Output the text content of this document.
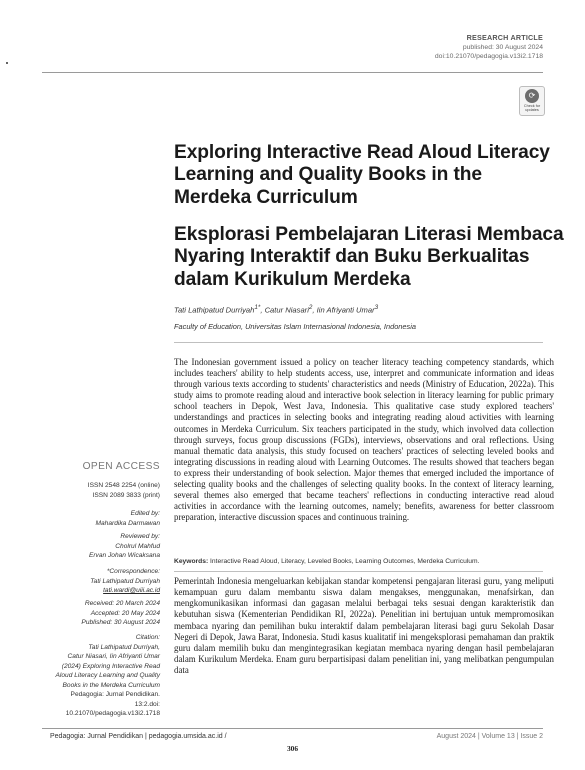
RESEARCH ARTICLE
published: 30 August 2024
doi:10.21070/pedagogia.v13i2.1718
⟳
Check for
updates
Exploring Interactive Read Aloud Literacy Learning and Quality Books in the Merdeka Curriculum
Eksplorasi Pembelajaran Literasi Membaca Nyaring Interaktif dan Buku Berkualitas dalam Kurikulum Merdeka
Tati Lathipatud Durriyah$^{1*}$, Catur Niasari$^2$, Iin Afriyanti Umar$^3$
Faculty of Education, Universitas Islam Internasional Indonesia, Indonesia
The Indonesian government issued a policy on teacher literacy teaching competency standards, which includes teachers' ability to help students access, use, interpret and communicate information and ideas through various texts according to students' characteristics and needs (Ministry of Education, 2022a). This study aims to promote reading aloud and interactive book selection in literacy learning for public primary school teachers in Depok, West Java, Indonesia. This qualitative case study explored teachers' understandings and practices in selecting books and integrating reading aloud activities with learning outcomes in Merdeka Curriculum. Six teachers participated in the study, which involved data collection through surveys, focus group discussions (FGDs), interviews, observations and oral reflections. Using manual thematic data analysis, this study focused on teachers' practices of selecting leveled books and integrating discussions in reading aloud with Learning Outcomes. The results showed that teachers began to express their understanding of book selection. Major themes that emerged included the importance of selecting quality books and the challenges of selecting quality books. In the context of literacy learning, several themes also emerged that became teachers' reflections in conducting interactive read aloud activities in accordance with the learning outcomes, namely; benefits, awareness for better classroom preparation, interactive discussion spaces and continuous training.
Keywords: Interactive Read Aloud, Literacy, Leveled Books, Learning Outcomes, Merdeka Curriculum.
Pemerintah Indonesia mengeluarkan kebijakan standar kompetensi pengajaran literasi guru, yang meliputi kemampuan guru dalam membantu siswa dalam mengakses, menggunakan, menafsirkan, dan mengkomunikasikan informasi dan gagasan melalui berbagai teks sesuai dengan karakteristik dan kebutuhan siswa (Kementerian Pendidikan RI, 2022a). Penelitian ini bertujuan untuk mempromosikan membaca nyaring dan pemilihan buku interaktif dalam pembelajaran literasi bagi guru Sekolah Dasar Negeri di Depok, Jawa Barat, Indonesia. Studi kasus kualitatif ini mengeksplorasi pemahaman dan praktik guru dalam memilih buku dan mengintegrasikan kegiatan membaca nyaring dengan hasil pembelajaran dalam Kurikulum Merdeka. Enam guru berpartisipasi dalam penelitian ini, yang melibatkan pengumpulan data
OPEN ACCESS
ISSN 2548 2254 (online)
ISSN 2089 3833 (print)
Edited by:
Mahardika Darmawan
Reviewed by:
Cholrul Mahfud
Ervan Johan Wicaksana
*Correspondence:
Tati Lathipatud Durriyah
tati.wardi@uiii.ac.id
Received: 20 March 2024
Accepted: 20 May 2024
Published: 30 August 2024
Citation:
Tati Lathipatud Durriyah,
Catur Niasari, Iin Afriyanti Umar
(2024) Exploring Interactive Read
Aloud Literacy Learning and Quality
Books in the Merdeka Curriculum
Pedagogia: Jurnal Pendidikan. 13:2.doi:
10.21070/pedagogia.v13i2.1718
Pedagogia: Jurnal Pendidikan | pedagogia.umsida.ac.id /	August 2024 | Volume 13 | Issue 2
306
